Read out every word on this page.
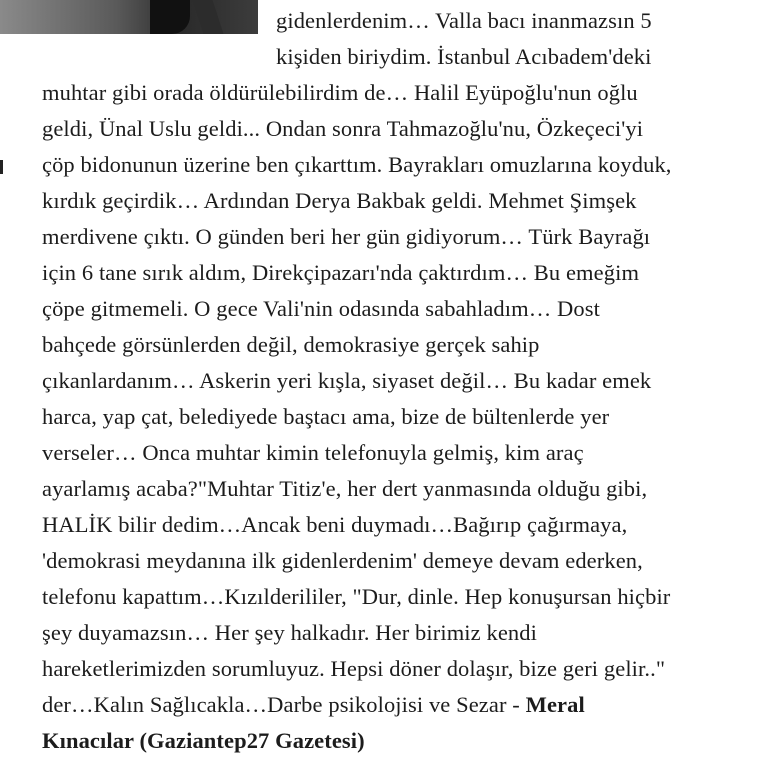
gidenlerdenim… Valla bacı inanmazsın 5
kişiden biriydim. İstanbul Acıbadem'deki
muhtar gibi orada öldürülebilirdim de… Halil Eyüpoğlu'nun oğlu
geldi, Ünal Uslu geldi... Ondan sonra Tahmazoğlu'nu, Özkeçeci'yi
çöp bidonunun üzerine ben çıkarttım. Bayrakları omuzlarına koyduk,
kırdık geçirdik… Ardından Derya Bakbak geldi. Mehmet Şimşek
merdivene çıktı. O günden beri her gün gidiyorum… Türk Bayrağı
için 6 tane sırık aldım, Direkçipazarı'nda çaktırdım… Bu emeğim
çöpe gitmemeli. O gece Vali'nin odasında sabahladım… Dost
bahçede görsünlerden değil, demokrasiye gerçek sahip
çıkanlardanım… Askerin yeri kışla, siyaset değil… Bu kadar emek
harca, yap çat, belediyede baştacı ama, bize de bültenlerde yer
verseler… Onca muhtar kimin telefonuyla gelmiş, kim araç
ayarlamış acaba?"Muhtar Titiz'e, her dert yanmasında olduğu gibi,
HALİK bilir dedim…Ancak beni duymadı…Bağırıp çağırmaya,
'demokrasi meydanına ilk gidenlerdenim' demeye devam ederken,
telefonu kapattım…Kızılderililer, "Dur, dinle. Hep konuşursan hiçbir
şey duyamazsın… Her şey halkadır. Her birimiz kendi
hareketlerimizden sorumluyuz. Hepsi döner dolaşır, bize geri gelir.."
der…Kalın Sağlıcakla…Darbe psikolojisi ve Sezar - Meral
Kınacılar (Gaziantep27 Gazetesi)
